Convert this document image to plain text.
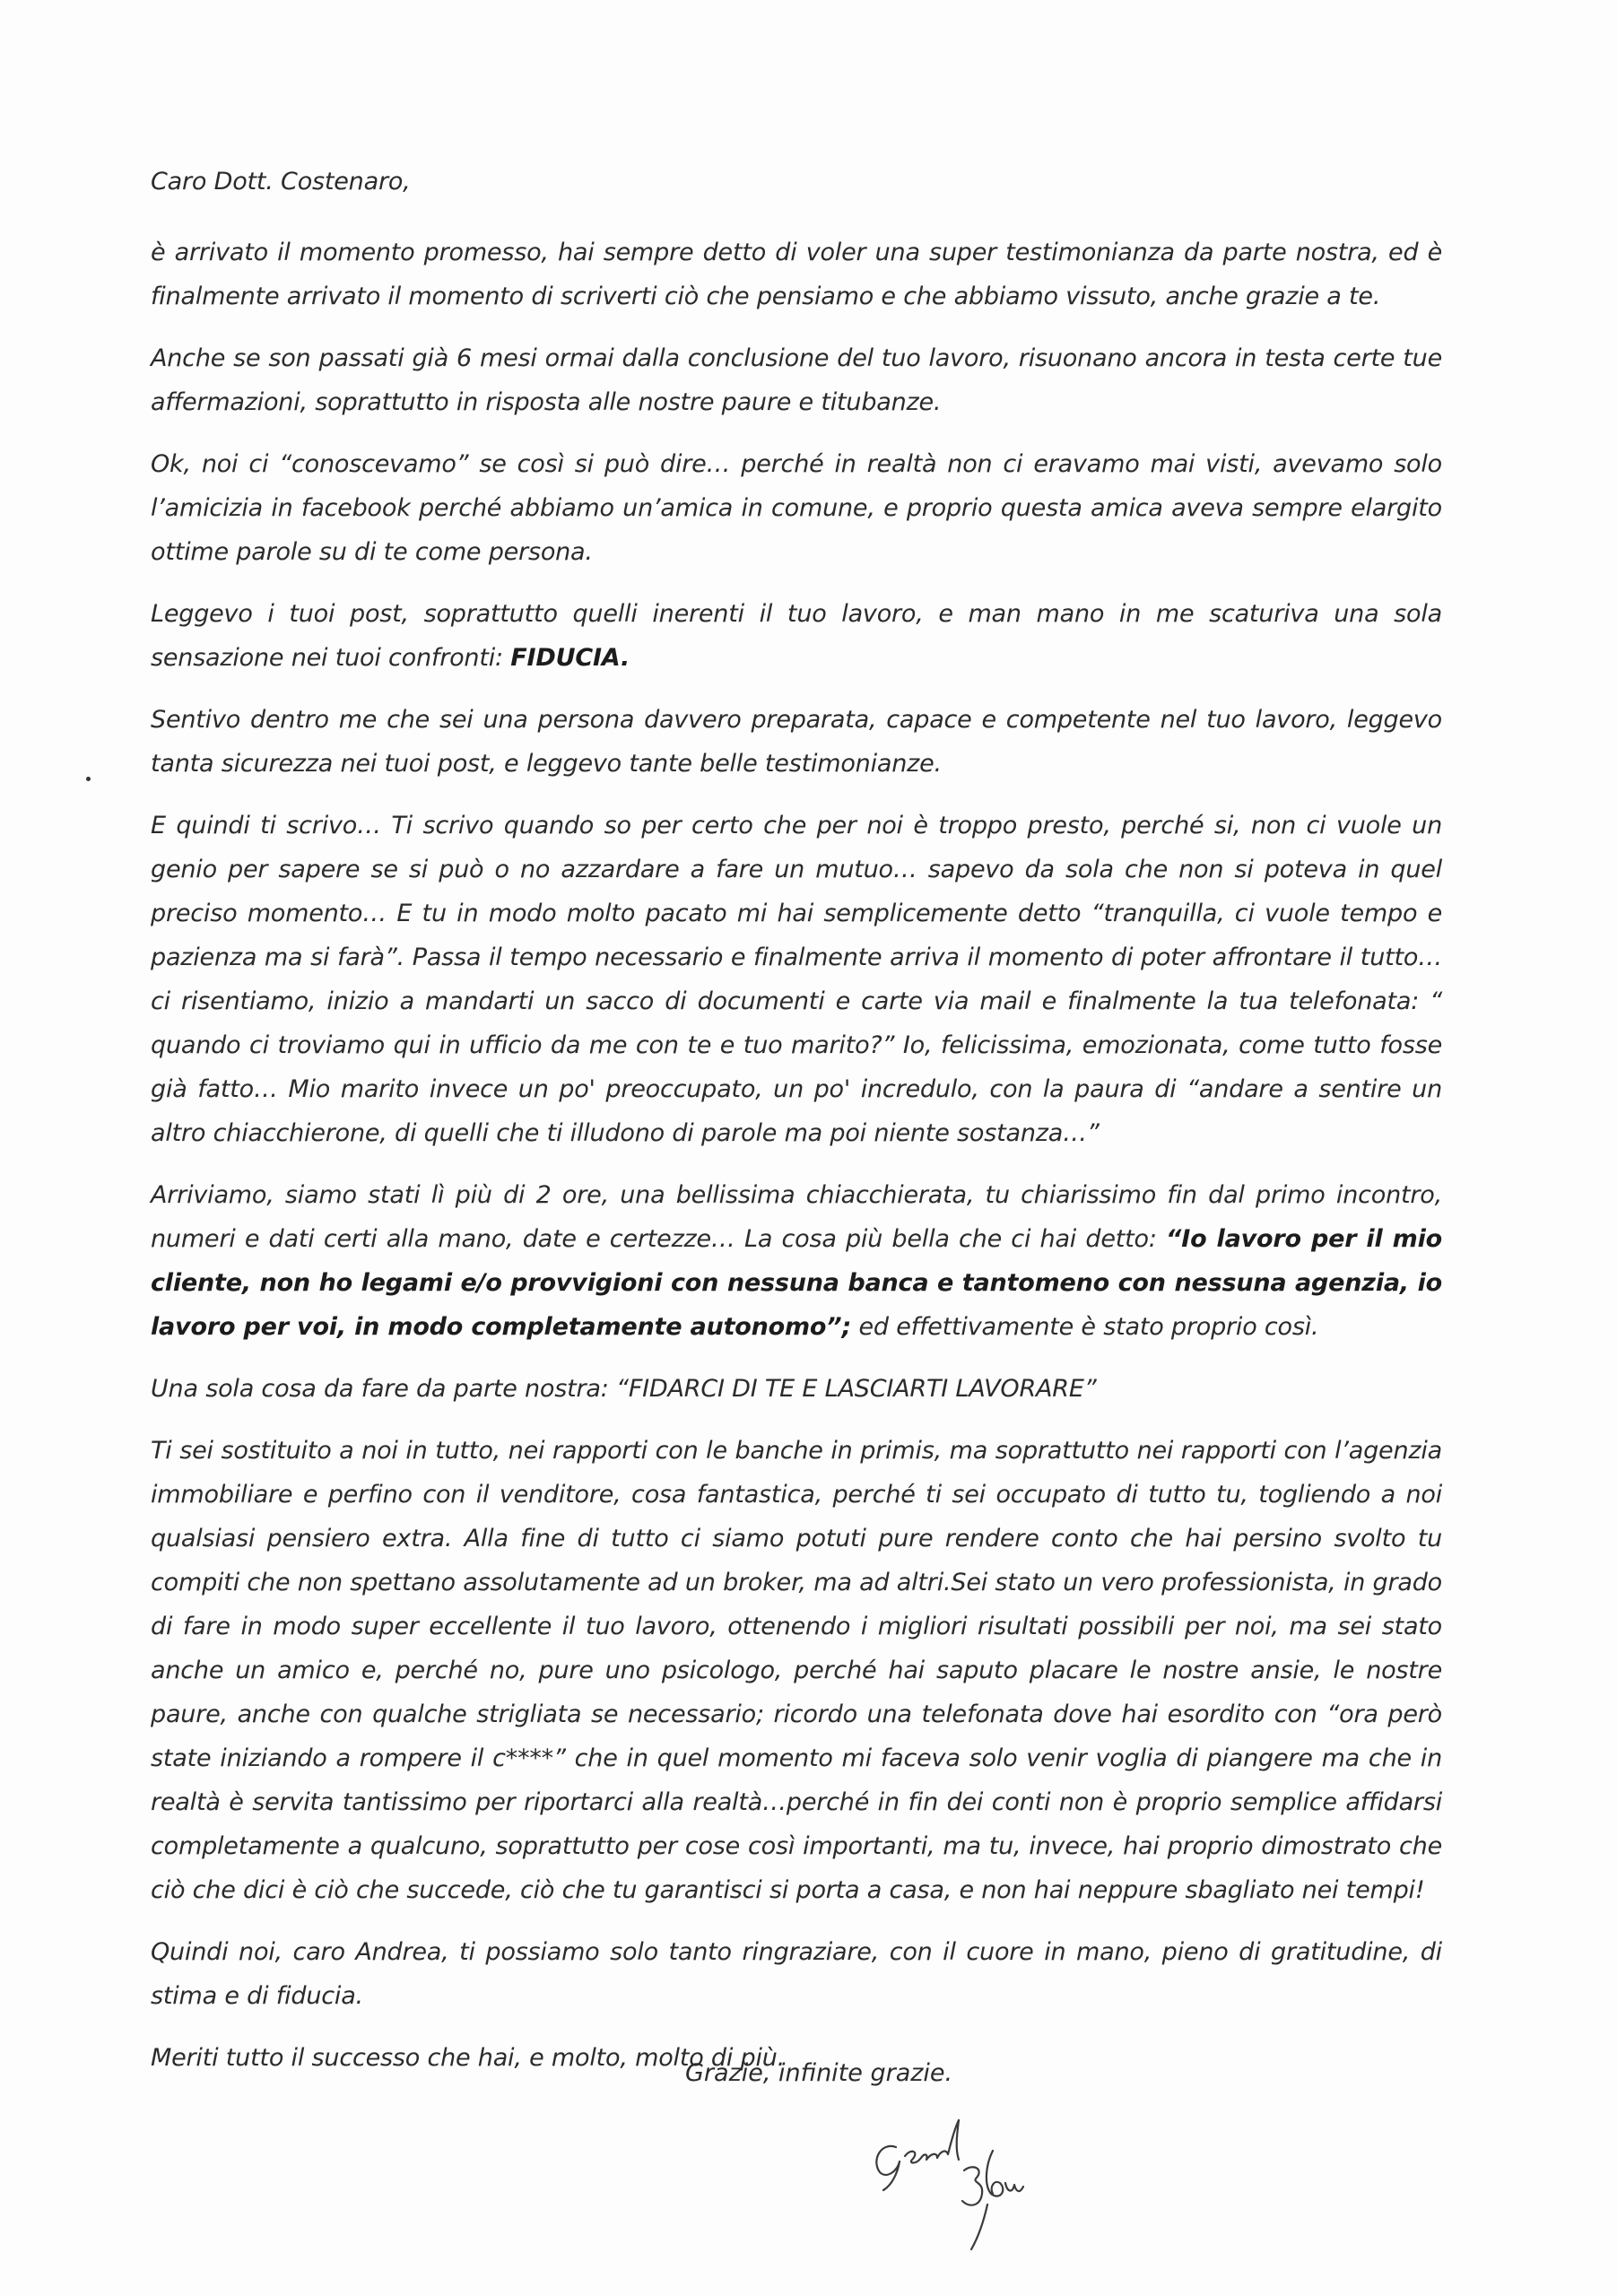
Caro Dott. Costenaro,

è arrivato il momento promesso, hai sempre detto di voler una super testimonianza da parte nostra, ed è finalmente arrivato il momento di scriverti ciò che pensiamo e che abbiamo vissuto, anche grazie a te.

Anche se son passati già 6 mesi ormai dalla conclusione del tuo lavoro, risuonano ancora in testa certe tue affermazioni, soprattutto in risposta alle nostre paure e titubanze.

Ok, noi ci “conoscevamo” se così si può dire… perché in realtà non ci eravamo mai visti, avevamo solo l’amicizia in facebook perché abbiamo un’amica in comune, e proprio questa amica aveva sempre elargito ottime parole su di te come persona.

Leggevo i tuoi post, soprattutto quelli inerenti il tuo lavoro, e man mano in me scaturiva una sola sensazione nei tuoi confronti: FIDUCIA.

Sentivo dentro me che sei una persona davvero preparata, capace e competente nel tuo lavoro, leggevo tanta sicurezza nei tuoi post, e leggevo tante belle testimonianze.

E quindi ti scrivo… Ti scrivo quando so per certo che per noi è troppo presto, perché si, non ci vuole un genio per sapere se si può o no azzardare a fare un mutuo… sapevo da sola che non si poteva in quel preciso momento… E tu in modo molto pacato mi hai semplicemente detto “tranquilla, ci vuole tempo e pazienza ma si farà”. Passa il tempo necessario e finalmente arriva il momento di poter affrontare il tutto… ci risentiamo, inizio a mandarti un sacco di documenti e carte via mail e finalmente la tua telefonata: “ quando ci troviamo qui in ufficio da me con te e tuo marito?” Io, felicissima, emozionata, come tutto fosse già fatto… Mio marito invece un po' preoccupato, un po' incredulo, con la paura di “andare a sentire un altro chiacchierone, di quelli che ti illudono di parole ma poi niente sostanza…”

Arriviamo, siamo stati lì più di 2 ore, una bellissima chiacchierata, tu chiarissimo fin dal primo incontro, numeri e dati certi alla mano, date e certezze… La cosa più bella che ci hai detto: “Io lavoro per il mio cliente, non ho legami e/o provvigioni con nessuna banca e tantomeno con nessuna agenzia, io lavoro per voi, in modo completamente autonomo”; ed effettivamente è stato proprio così.

Una sola cosa da fare da parte nostra: “FIDARCI DI TE E LASCIARTI LAVORARE”

Ti sei sostituito a noi in tutto, nei rapporti con le banche in primis, ma soprattutto nei rapporti con l’agenzia immobiliare e perfino con il venditore, cosa fantastica, perché ti sei occupato di tutto tu, togliendo a noi qualsiasi pensiero extra. Alla fine di tutto ci siamo potuti pure rendere conto che hai persino svolto tu compiti che non spettano assolutamente ad un broker, ma ad altri.Sei stato un vero professionista, in grado di fare in modo super eccellente il tuo lavoro, ottenendo i migliori risultati possibili per noi, ma sei stato anche un amico e, perché no, pure uno psicologo, perché hai saputo placare le nostre ansie, le nostre paure, anche con qualche strigliata se necessario; ricordo una telefonata dove hai esordito con “ora però state iniziando a rompere il c****” che in quel momento mi faceva solo venir voglia di piangere ma che in realtà è servita tantissimo per riportarci alla realtà…perché in fin dei conti non è proprio semplice affidarsi completamente a qualcuno, soprattutto per cose così importanti, ma tu, invece, hai proprio dimostrato che ciò che dici è ciò che succede, ciò che tu garantisci si porta a casa, e non hai neppure sbagliato nei tempi!

Quindi noi, caro Andrea, ti possiamo solo tanto ringraziare, con il cuore in mano, pieno di gratitudine, di stima e di fiducia.

Meriti tutto il successo che hai, e molto, molto di più.

Grazie, infinite grazie.
